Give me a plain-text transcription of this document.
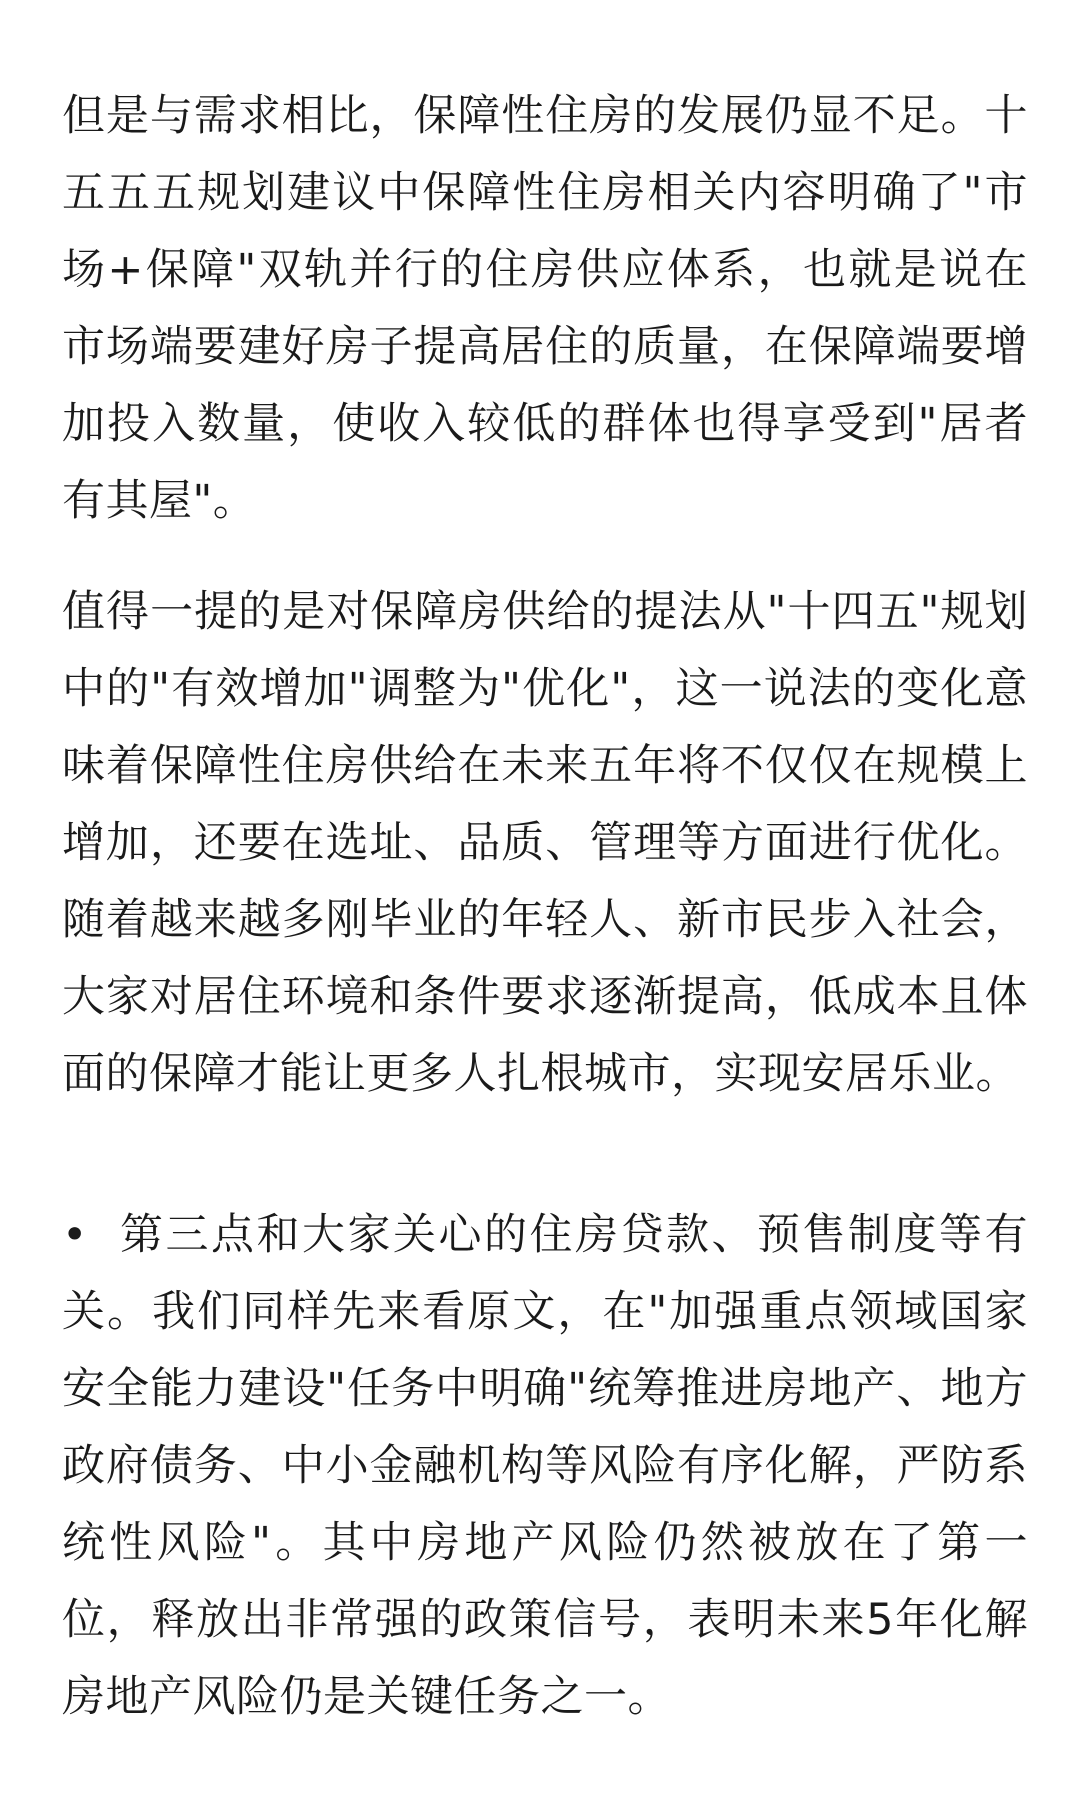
但是与需求相比，保障性住房的发展仍显不足。十五五五规划建议中保障性住房相关内容明确了"市场+保障"双轨并行的住房供应体系，也就是说在市场端要建好房子提高居住的质量，在保障端要增加投入数量，使收入较低的群体也得享受到"居者有其屋"。

值得一提的是对保障房供给的提法从"十四五"规划中的"有效增加"调整为"优化"，这一说法的变化意味着保障性住房供给在未来五年将不仅仅在规模上增加，还要在选址、品质、管理等方面进行优化。随着越来越多刚毕业的年轻人、新市民步入社会，大家对居住环境和条件要求逐渐提高，低成本且体面的保障才能让更多人扎根城市，实现安居乐业。

• 第三点和大家关心的住房贷款、预售制度等有关。我们同样先来看原文，在"加强重点领域国家安全能力建设"任务中明确"统筹推进房地产、地方政府债务、中小金融机构等风险有序化解，严防系统性风险"。其中房地产风险仍然被放在了第一位，释放出非常强的政策信号，表明未来5年化解房地产风险仍是关键任务之一。
